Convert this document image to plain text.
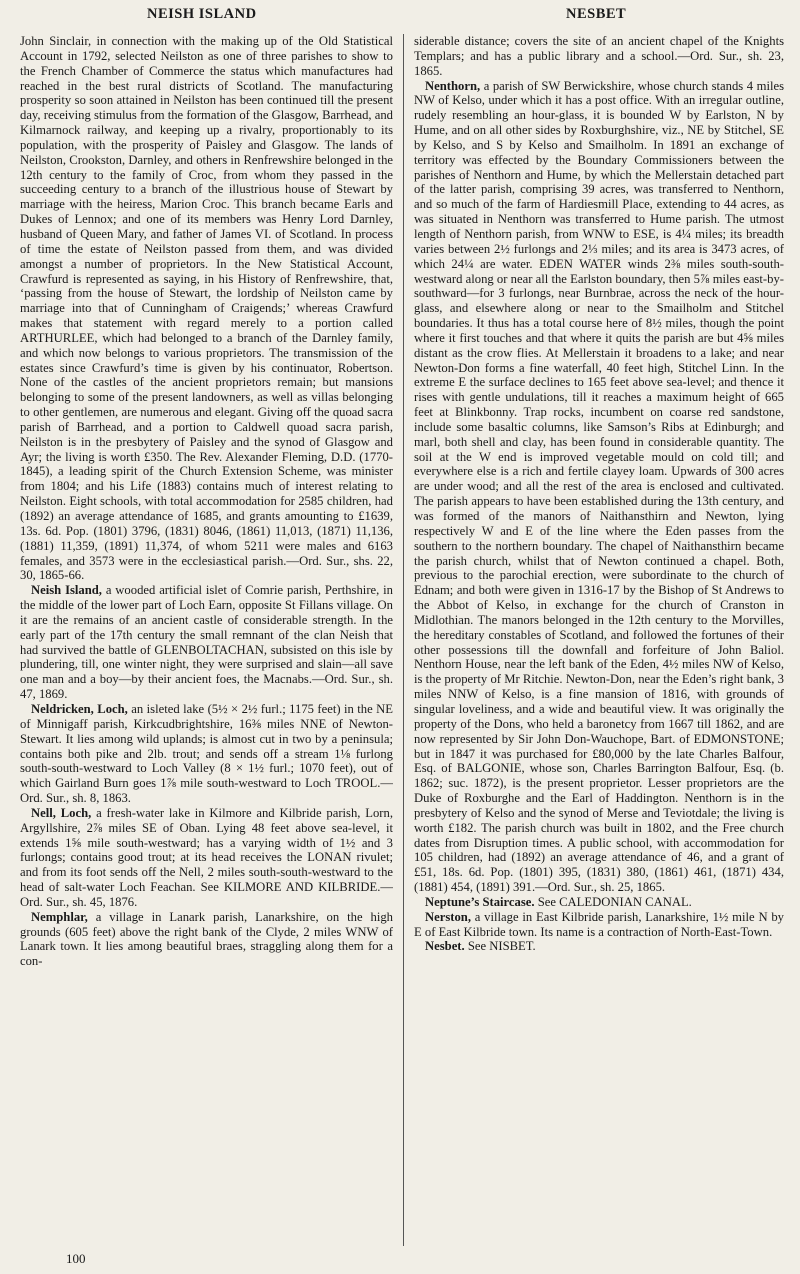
NEISH ISLAND	NESBET

John Sinclair, in connection with the making up of the Old Statistical Account in 1792, selected Neilston as one of three parishes to show to the French Chamber of Commerce the status which manufactures had reached in the best rural districts of Scotland. The manufacturing prosperity so soon attained in Neilston has been continued till the present day, receiving stimulus from the formation of the Glasgow, Barrhead, and Kilmarnock railway, and keeping up a rivalry, proportionably to its population, with the prosperity of Paisley and Glasgow. The lands of Neilston, Crookston, Darnley, and others in Renfrewshire belonged in the 12th century to the family of Croc, from whom they passed in the succeeding century to a branch of the illustrious house of Stewart by marriage with the heiress, Marion Croc. This branch became Earls and Dukes of Lennox; and one of its members was Henry Lord Darnley, husband of Queen Mary, and father of James VI. of Scotland. In process of time the estate of Neilston passed from them, and was divided amongst a number of proprietors. In the New Statistical Account, Crawfurd is represented as saying, in his History of Renfrewshire, that, ‘passing from the house of Stewart, the lordship of Neilston came by marriage into that of Cunningham of Craigends;’ whereas Crawfurd makes that statement with regard merely to a portion called ARTHURLEE, which had belonged to a branch of the Darnley family, and which now belongs to various proprietors. The transmission of the estates since Crawfurd’s time is given by his continuator, Robertson. None of the castles of the ancient proprietors remain; but mansions belonging to some of the present landowners, as well as villas belonging to other gentlemen, are numerous and elegant. Giving off the quoad sacra parish of Barrhead, and a portion to Caldwell quoad sacra parish, Neilston is in the presbytery of Paisley and the synod of Glasgow and Ayr; the living is worth £350. The Rev. Alexander Fleming, D.D. (1770-1845), a leading spirit of the Church Extension Scheme, was minister from 1804; and his Life (1883) contains much of interest relating to Neilston. Eight schools, with total accommodation for 2585 children, had (1892) an average attendance of 1685, and grants amounting to £1639, 13s. 6d. Pop. (1801) 3796, (1831) 8046, (1861) 11,013, (1871) 11,136, (1881) 11,359, (1891) 11,374, of whom 5211 were males and 6163 females, and 3573 were in the ecclesiastical parish.—Ord. Sur., shs. 22, 30, 1865-66.

Neish Island, a wooded artificial islet of Comrie parish, Perthshire, in the middle of the lower part of Loch Earn, opposite St Fillans village. On it are the remains of an ancient castle of considerable strength. In the early part of the 17th century the small remnant of the clan Neish that had survived the battle of GLENBOLTACHAN, subsisted on this isle by plundering, till, one winter night, they were surprised and slain—all save one man and a boy—by their ancient foes, the Macnabs.—Ord. Sur., sh. 47, 1869.

Neldricken, Loch, an isleted lake (5½ × 2½ furl.; 1175 feet) in the NE of Minnigaff parish, Kirkcudbrightshire, 16⅜ miles NNE of Newton-Stewart. It lies among wild uplands; is almost cut in two by a peninsula; contains both pike and 2lb. trout; and sends off a stream 1⅛ furlong south-south-westward to Loch Valley (8 × 1½ furl.; 1070 feet), out of which Gairland Burn goes 1⅞ mile south-westward to Loch TROOL.—Ord. Sur., sh. 8, 1863.

Nell, Loch, a fresh-water lake in Kilmore and Kilbride parish, Lorn, Argyllshire, 2⅞ miles SE of Oban. Lying 48 feet above sea-level, it extends 1⅝ mile south-westward; has a varying width of 1½ and 3 furlongs; contains good trout; at its head receives the LONAN rivulet; and from its foot sends off the Nell, 2 miles south-south-westward to the head of salt-water Loch Feachan. See KILMORE AND KILBRIDE.—Ord. Sur., sh. 45, 1876.

Nemphlar, a village in Lanark parish, Lanarkshire, on the high grounds (605 feet) above the right bank of the Clyde, 2 miles WNW of Lanark town. It lies among beautiful braes, straggling along them for a con-

siderable distance; covers the site of an ancient chapel of the Knights Templars; and has a public library and a school.—Ord. Sur., sh. 23, 1865.

Nenthorn, a parish of SW Berwickshire, whose church stands 4 miles NW of Kelso, under which it has a post office. With an irregular outline, rudely resembling an hour-glass, it is bounded W by Earlston, N by Hume, and on all other sides by Roxburghshire, viz., NE by Stitchel, SE by Kelso, and S by Kelso and Smailholm. In 1891 an exchange of territory was effected by the Boundary Commissioners between the parishes of Nenthorn and Hume, by which the Mellerstain detached part of the latter parish, comprising 39 acres, was transferred to Nenthorn, and so much of the farm of Hardiesmill Place, extending to 44 acres, as was situated in Nenthorn was transferred to Hume parish. The utmost length of Nenthorn parish, from WNW to ESE, is 4¼ miles; its breadth varies between 2½ furlongs and 2⅓ miles; and its area is 3473 acres, of which 24¼ are water. EDEN WATER winds 2⅜ miles south-south-westward along or near all the Earlston boundary, then 5⅞ miles east-by-southward—for 3 furlongs, near Burnbrae, across the neck of the hour-glass, and elsewhere along or near to the Smailholm and Stitchel boundaries. It thus has a total course here of 8½ miles, though the point where it first touches and that where it quits the parish are but 4⅝ miles distant as the crow flies. At Mellerstain it broadens to a lake; and near Newton-Don forms a fine waterfall, 40 feet high, Stitchel Linn. In the extreme E the surface declines to 165 feet above sea-level; and thence it rises with gentle undulations, till it reaches a maximum height of 665 feet at Blinkbonny. Trap rocks, incumbent on coarse red sandstone, include some basaltic columns, like Samson’s Ribs at Edinburgh; and marl, both shell and clay, has been found in considerable quantity. The soil at the W end is improved vegetable mould on cold till; and everywhere else is a rich and fertile clayey loam. Upwards of 300 acres are under wood; and all the rest of the area is enclosed and cultivated. The parish appears to have been established during the 13th century, and was formed of the manors of Naithansthirn and Newton, lying respectively W and E of the line where the Eden passes from the southern to the northern boundary. The chapel of Naithansthirn became the parish church, whilst that of Newton continued a chapel. Both, previous to the parochial erection, were subordinate to the church of Ednam; and both were given in 1316-17 by the Bishop of St Andrews to the Abbot of Kelso, in exchange for the church of Cranston in Midlothian. The manors belonged in the 12th century to the Morvilles, the hereditary constables of Scotland, and followed the fortunes of their other possessions till the downfall and forfeiture of John Baliol. Nenthorn House, near the left bank of the Eden, 4½ miles NW of Kelso, is the property of Mr Ritchie. Newton-Don, near the Eden’s right bank, 3 miles NNW of Kelso, is a fine mansion of 1816, with grounds of singular loveliness, and a wide and beautiful view. It was originally the property of the Dons, who held a baronetcy from 1667 till 1862, and are now represented by Sir John Don-Wauchope, Bart. of EDMONSTONE; but in 1847 it was purchased for £80,000 by the late Charles Balfour, Esq. of BALGONIE, whose son, Charles Barrington Balfour, Esq. (b. 1862; suc. 1872), is the present proprietor. Lesser proprietors are the Duke of Roxburghe and the Earl of Haddington. Nenthorn is in the presbytery of Kelso and the synod of Merse and Teviotdale; the living is worth £182. The parish church was built in 1802, and the Free church dates from Disruption times. A public school, with accommodation for 105 children, had (1892) an average attendance of 46, and a grant of £51, 18s. 6d. Pop. (1801) 395, (1831) 380, (1861) 461, (1871) 434, (1881) 454, (1891) 391.—Ord. Sur., sh. 25, 1865.

Neptune’s Staircase. See CALEDONIAN CANAL.

Nerston, a village in East Kilbride parish, Lanarkshire, 1½ mile N by E of East Kilbride town. Its name is a contraction of North-East-Town.

Nesbet. See NISBET.

100
